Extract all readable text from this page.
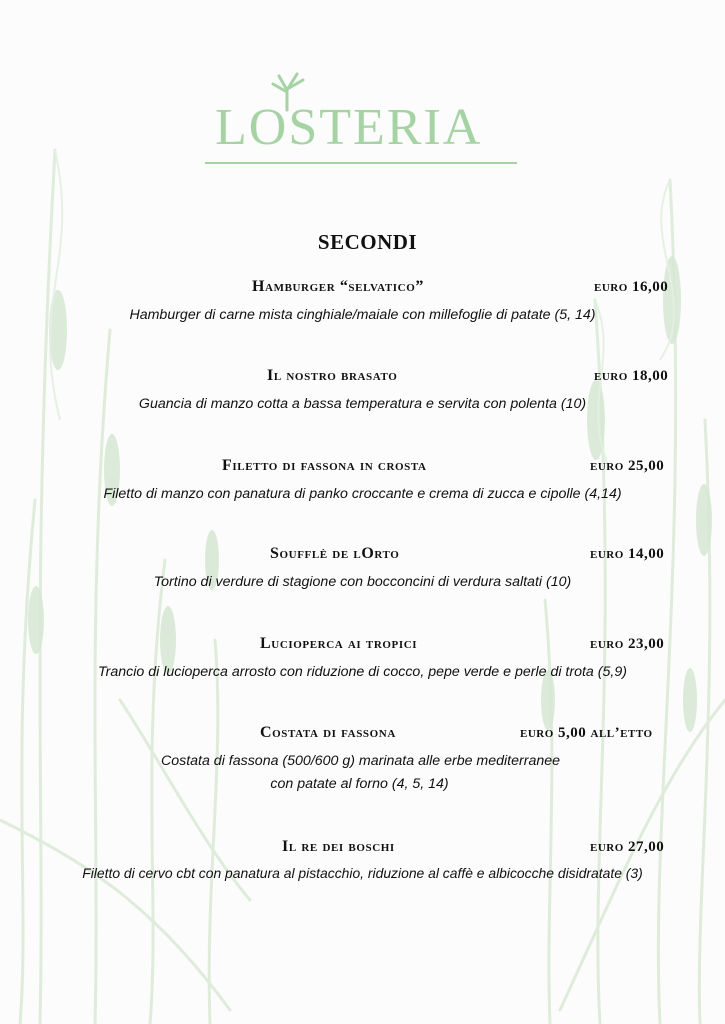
LOSTERIA
SECONDI
Hamburger “selvatico”	euro 16,00
Hamburger di carne mista cinghiale/maiale con millefoglie di patate (5, 14)
Il nostro brasato	euro 18,00
Guancia di manzo cotta a bassa temperatura e servita con polenta (10)
Filetto di fassona in crosta	euro 25,00
Filetto di manzo con panatura di panko croccante e crema di zucca e cipolle (4,14)
Soufflè de lOrto	euro 14,00
Tortino di verdure di stagione con bocconcini di verdura saltati (10)
Lucioperca ai tropici	euro 23,00
Trancio di lucioperca arrosto con riduzione di cocco, pepe verde e perle di trota (5,9)
Costata di fassona	euro 5,00 all’etto
Costata di fassona (500/600 g) marinata alle erbe mediterranee
con patate al forno (4, 5, 14)
Il re dei boschi	euro 27,00
Filetto di cervo cbt con panatura al pistacchio, riduzione al caffè e albicocche disidratate (3)
